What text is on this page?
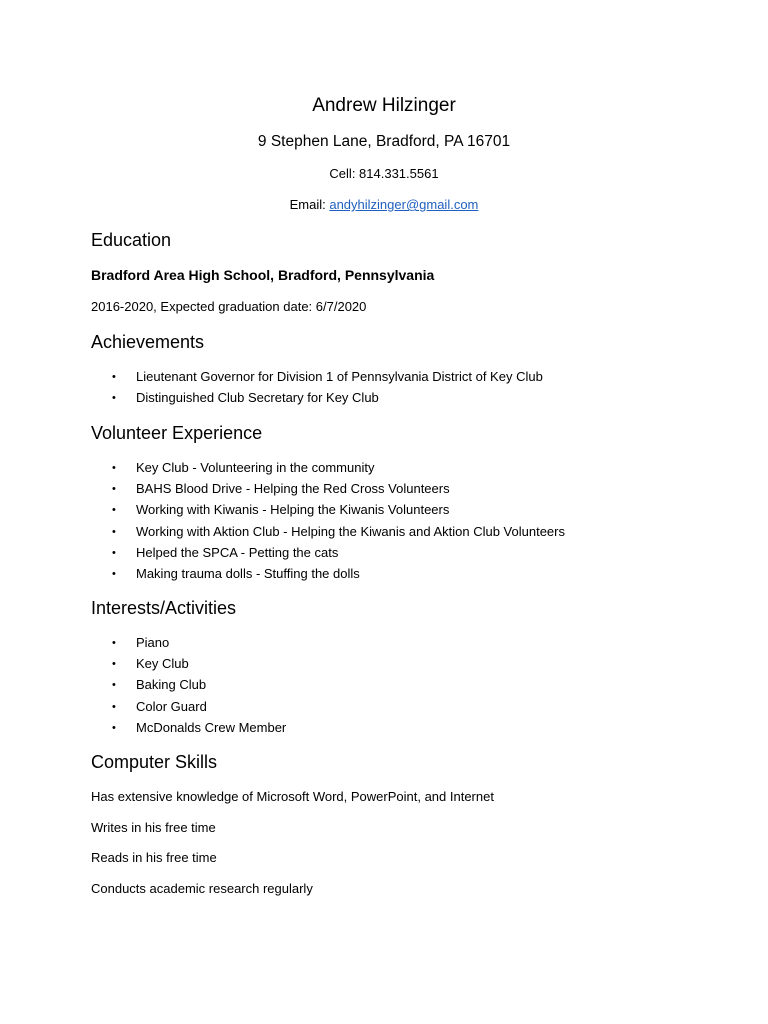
Andrew Hilzinger
9 Stephen Lane, Bradford, PA 16701
Cell: 814.331.5561
Email: andyhilzinger@gmail.com
Education
Bradford Area High School, Bradford, Pennsylvania
2016-2020, Expected graduation date: 6/7/2020
Achievements
• Lieutenant Governor for Division 1 of Pennsylvania District of Key Club
• Distinguished Club Secretary for Key Club
Volunteer Experience
• Key Club - Volunteering in the community
• BAHS Blood Drive - Helping the Red Cross Volunteers
• Working with Kiwanis - Helping the Kiwanis Volunteers
• Working with Aktion Club - Helping the Kiwanis and Aktion Club Volunteers
• Helped the SPCA - Petting the cats
• Making trauma dolls - Stuffing the dolls
Interests/Activities
• Piano
• Key Club
• Baking Club
• Color Guard
• McDonalds Crew Member
Computer Skills
Has extensive knowledge of Microsoft Word, PowerPoint, and Internet
Writes in his free time
Reads in his free time
Conducts academic research regularly
